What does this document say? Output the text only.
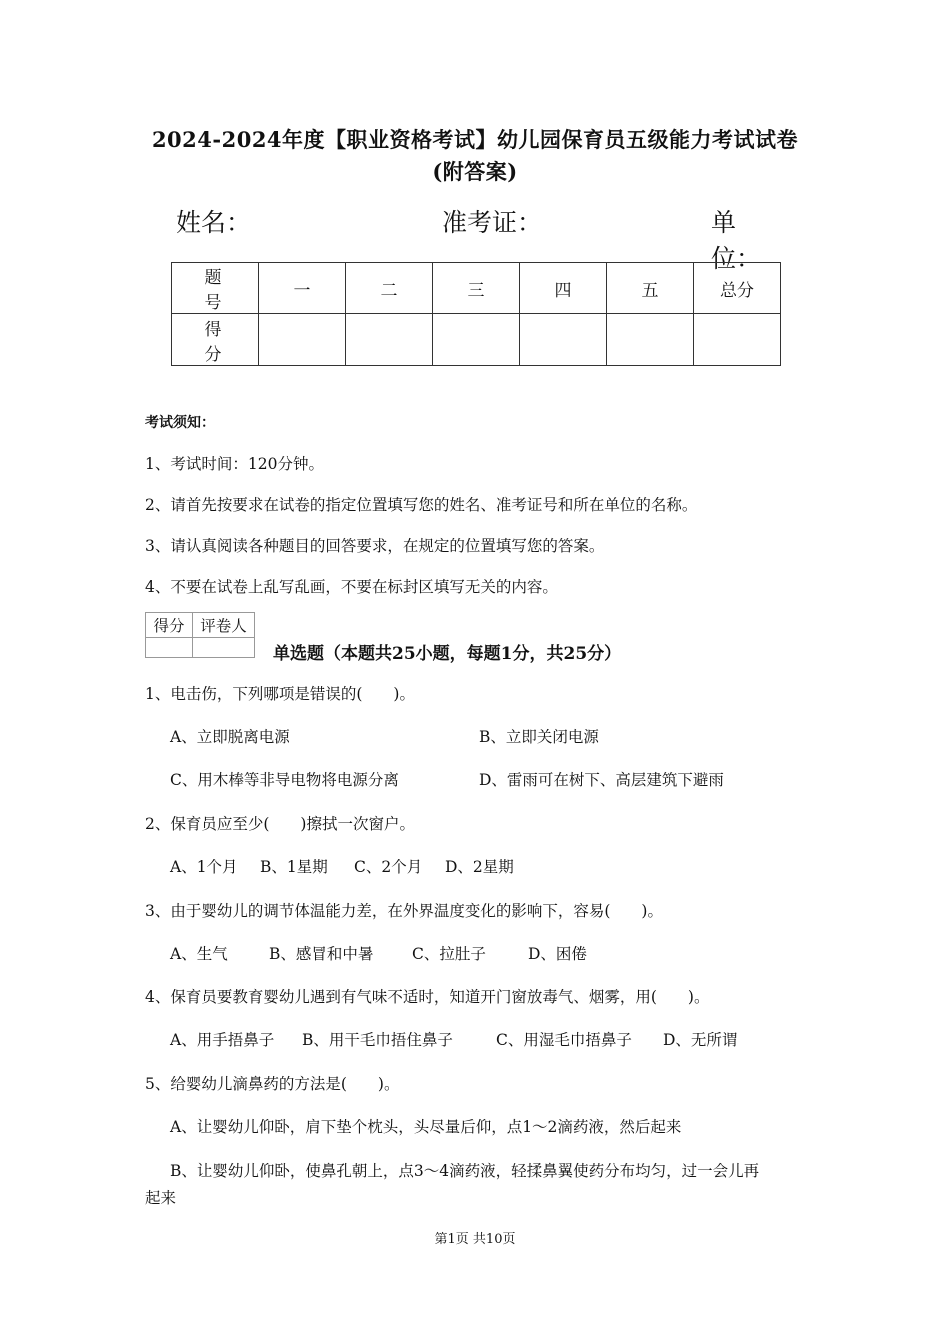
2024-2024年度【职业资格考试】幼儿园保育员五级能力考试试卷
(附答案)
姓名：	准考证：	单位：
题 号	一	二	三	四	五	总分
得 分						
考试须知：
1、考试时间：120分钟。
2、请首先按要求在试卷的指定位置填写您的姓名、准考证号和所在单位的名称。
3、请认真阅读各种题目的回答要求，在规定的位置填写您的答案。
4、不要在试卷上乱写乱画，不要在标封区填写无关的内容。
得分	评卷人

单选题（本题共25小题，每题1分，共25分）
1、电击伤，下列哪项是错误的(　　)。
A、立即脱离电源	B、立即关闭电源
C、用木棒等非导电物将电源分离	D、雷雨可在树下、高层建筑下避雨
2、保育员应至少(　　)擦拭一次窗户。
A、1个月 B、1星期 C、2个月 D、2星期
3、由于婴幼儿的调节体温能力差，在外界温度变化的影响下，容易(　　)。
A、生气	B、感冒和中暑 C、拉肚子	D、困倦
4、保育员要教育婴幼儿遇到有气味不适时，知道开门窗放毒气、烟雾，用(　　)。
A、用手捂鼻子 B、用干毛巾捂住鼻子	C、用湿毛巾捂鼻子 D、无所谓
5、给婴幼儿滴鼻药的方法是(　　)。
A、让婴幼儿仰卧，肩下垫个枕头，头尽量后仰，点1～2滴药液，然后起来
B、让婴幼儿仰卧，使鼻孔朝上，点3～4滴药液，轻揉鼻翼使药分布均匀，过一会儿再
起来
第1页 共10页
